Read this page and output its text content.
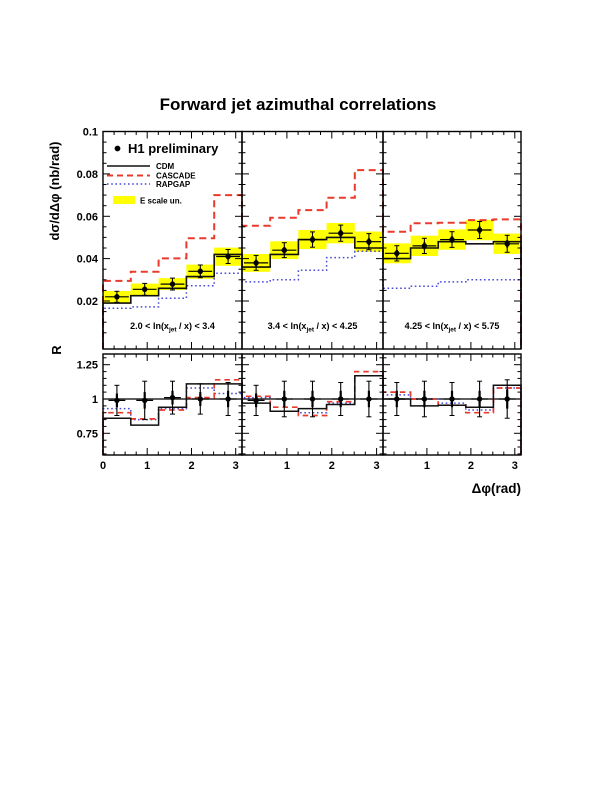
Forward jet azimuthal correlations
dσ/dΔφ (nb/rad)
R
Δφ(rad)
0.02
0.04
0.06
0.08
0.1
0.75
1
1.25
0	1	2	3	1	2	3	1	2	3
$2.0 < \ln(x_{jet} / x) < 3.4$	$3.4 < \ln(x_{jet} / x) < 4.25$	$4.25 < \ln(x_{jet} / x) < 5.75$
H1 preliminary
CDM
CASCADE
RAPGAP
E scale un.
